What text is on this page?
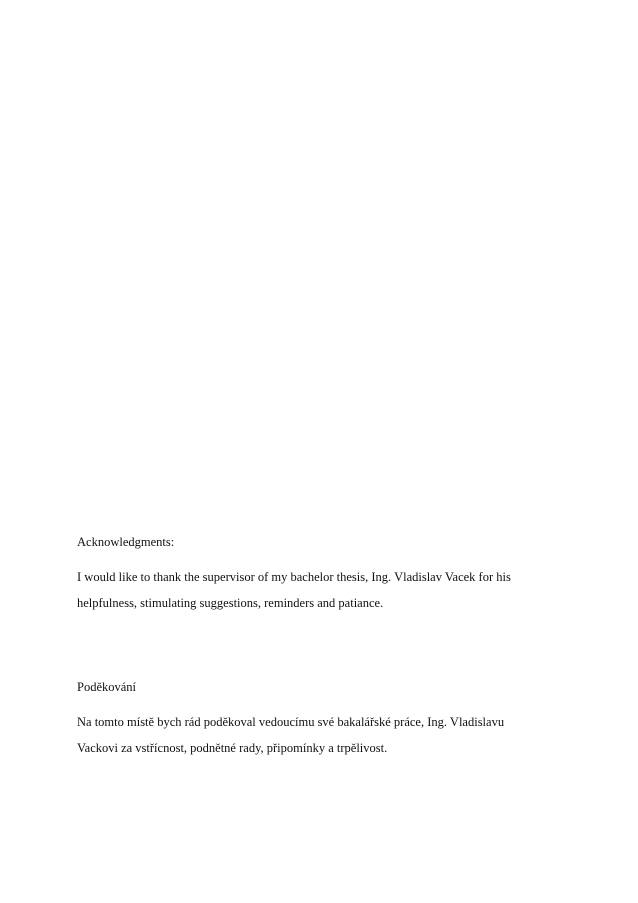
Acknowledgments:

I would like to thank the supervisor of my bachelor thesis, Ing. Vladislav Vacek for his
helpfulness, stimulating suggestions, reminders and patiance.

Poděkování

Na tomto místě bych rád poděkoval vedoucímu své bakalářské práce, Ing. Vladislavu
Vackovi za vstřícnost, podnětné rady, připomínky a trpělivost.
